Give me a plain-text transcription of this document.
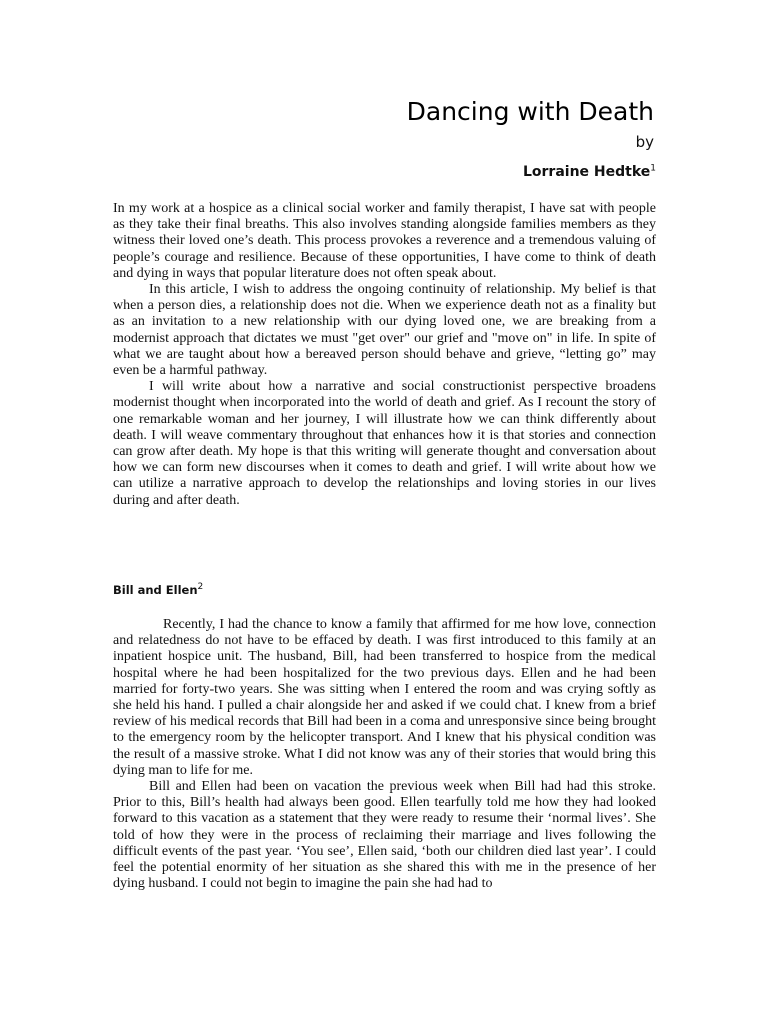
Dancing with Death
by
Lorraine Hedtke$^1$

In my work at a hospice as a clinical social worker and family therapist, I have sat with people as they take their final breaths. This also involves standing alongside families members as they witness their loved one’s death. This process provokes a reverence and a tremendous valuing of people’s courage and resilience. Because of these opportunities, I have come to think of death and dying in ways that popular literature does not often speak about.

In this article, I wish to address the ongoing continuity of relationship. My belief is that when a person dies, a relationship does not die. When we experience death not as a finality but as an invitation to a new relationship with our dying loved one, we are breaking from a modernist approach that dictates we must "get over" our grief and "move on" in life. In spite of what we are taught about how a bereaved person should behave and grieve, “letting go” may even be a harmful pathway.

I will write about how a narrative and social constructionist perspective broadens modernist thought when incorporated into the world of death and grief. As I recount the story of one remarkable woman and her journey, I will illustrate how we can think differently about death. I will weave commentary throughout that enhances how it is that stories and connection can grow after death. My hope is that this writing will generate thought and conversation about how we can form new discourses when it comes to death and grief. I will write about how we can utilize a narrative approach to develop the relationships and loving stories in our lives during and after death.

Bill and Ellen$^2$

Recently, I had the chance to know a family that affirmed for me how love, connection and relatedness do not have to be effaced by death. I was first introduced to this family at an inpatient hospice unit. The husband, Bill, had been transferred to hospice from the medical hospital where he had been hospitalized for the two previous days. Ellen and he had been married for forty-two years. She was sitting when I entered the room and was crying softly as she held his hand. I pulled a chair alongside her and asked if we could chat. I knew from a brief review of his medical records that Bill had been in a coma and unresponsive since being brought to the emergency room by the helicopter transport. And I knew that his physical condition was the result of a massive stroke. What I did not know was any of their stories that would bring this dying man to life for me.

Bill and Ellen had been on vacation the previous week when Bill had had this stroke. Prior to this, Bill’s health had always been good. Ellen tearfully told me how they had looked forward to this vacation as a statement that they were ready to resume their ‘normal lives’. She told of how they were in the process of reclaiming their marriage and lives following the difficult events of the past year. ‘You see’, Ellen said, ‘both our children died last year’. I could feel the potential enormity of her situation as she shared this with me in the presence of her dying husband. I could not begin to imagine the pain she had had to
